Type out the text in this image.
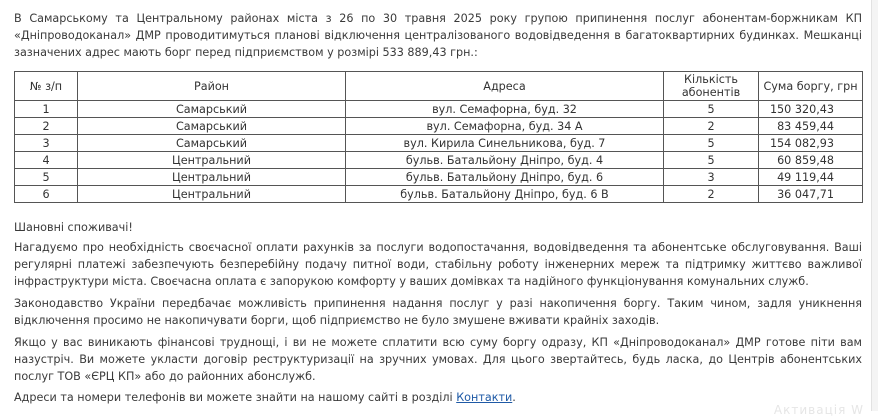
В Самарському та Центральному районах міста з 26 по 30 травня 2025 року групою припинення послуг абонентам-боржникам КП «Дніпроводоканал» ДМР проводитимуться планові відключення централізованого водовідведення в багатоквартирних будинках. Мешканці зазначених адрес мають борг перед підприємством у розмірі 533 889,43 грн.:

№ з/п	Район	Адреса	Кількість абонентів	Сума боргу, грн
1	Самарський	вул. Семафорна, буд. 32	5	150 320,43
2	Самарський	вул. Семафорна, буд. 34 А	2	83 459,44
3	Самарський	вул. Кирила Синельникова, буд. 7	5	154 082,93
4	Центральний	бульв. Батальйону Дніпро, буд. 4	5	60 859,48
5	Центральний	бульв. Батальйону Дніпро, буд. 6	3	49 119,44
6	Центральний	бульв. Батальйону Дніпро, буд. 6 В	2	36 047,71

Шановні споживачі!

Нагадуємо про необхідність своєчасної оплати рахунків за послуги водопостачання, водовідведення та абонентське обслуговування. Ваші регулярні платежі забезпечують безперебійну подачу питної води, стабільну роботу інженерних мереж та підтримку життєво важливої інфраструктури міста. Своєчасна оплата є запорукою комфорту у ваших домівках та надійного функціонування комунальних служб.

Законодавство України передбачає можливість припинення надання послуг у разі накопичення боргу. Таким чином, задля уникнення відключення просимо не накопичувати борги, щоб підприємство не було змушене вживати крайніх заходів.

Якщо у вас виникають фінансові труднощі, і ви не можете сплатити всю суму боргу одразу, КП «Дніпроводоканал» ДМР готове піти вам назустріч. Ви можете укласти договір реструктуризації на зручних умовах. Для цього звертайтесь, будь ласка, до Центрів абонентських послуг ТОВ «ЄРЦ КП» або до районних абонслужб.

Адреси та номери телефонів ви можете знайти на нашому сайті в розділі Контакти.

Активація W
